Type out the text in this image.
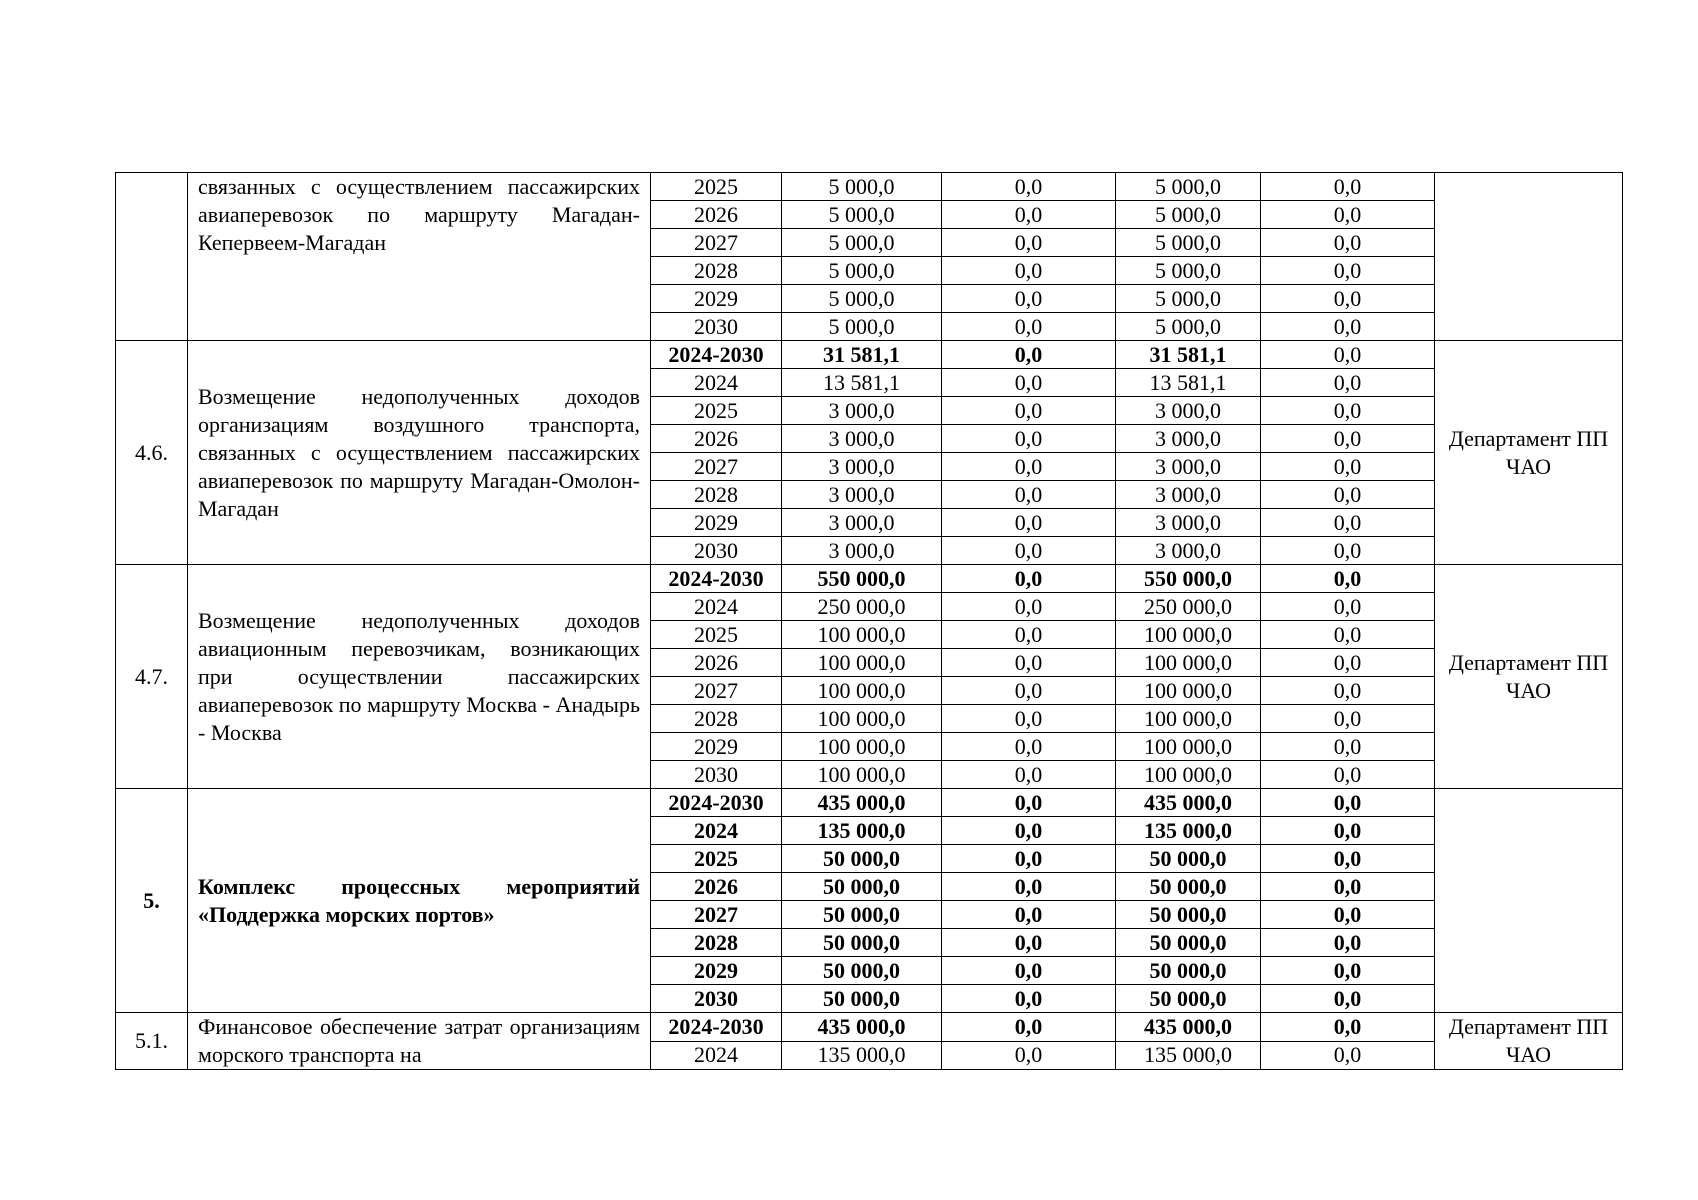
	связанных с осуществлением пассажирских авиаперевозок по маршруту Магадан-Кепервеем-Магадан	2025	5 000,0	0,0	5 000,0	0,0	
		2026	5 000,0	0,0	5 000,0	0,0	
		2027	5 000,0	0,0	5 000,0	0,0	
		2028	5 000,0	0,0	5 000,0	0,0	
		2029	5 000,0	0,0	5 000,0	0,0	
		2030	5 000,0	0,0	5 000,0	0,0	
4.6.	Возмещение недополученных доходов организациям воздушного транспорта, связанных с осуществлением пассажирских авиаперевозок по маршруту Магадан-Омолон-Магадан	2024-2030	31 581,1	0,0	31 581,1	0,0	Департамент ПП ЧАО
		2024	13 581,1	0,0	13 581,1	0,0	
		2025	3 000,0	0,0	3 000,0	0,0	
		2026	3 000,0	0,0	3 000,0	0,0	
		2027	3 000,0	0,0	3 000,0	0,0	
		2028	3 000,0	0,0	3 000,0	0,0	
		2029	3 000,0	0,0	3 000,0	0,0	
		2030	3 000,0	0,0	3 000,0	0,0	
4.7.	Возмещение недополученных доходов авиационным перевозчикам, возникающих при осуществлении пассажирских авиаперевозок по маршруту Москва - Анадырь - Москва	2024-2030	550 000,0	0,0	550 000,0	0,0	Департамент ПП ЧАО
		2024	250 000,0	0,0	250 000,0	0,0	
		2025	100 000,0	0,0	100 000,0	0,0	
		2026	100 000,0	0,0	100 000,0	0,0	
		2027	100 000,0	0,0	100 000,0	0,0	
		2028	100 000,0	0,0	100 000,0	0,0	
		2029	100 000,0	0,0	100 000,0	0,0	
		2030	100 000,0	0,0	100 000,0	0,0	
5.	Комплекс процессных мероприятий «Поддержка морских портов»	2024-2030	435 000,0	0,0	435 000,0	0,0	
		2024	135 000,0	0,0	135 000,0	0,0	
		2025	50 000,0	0,0	50 000,0	0,0	
		2026	50 000,0	0,0	50 000,0	0,0	
		2027	50 000,0	0,0	50 000,0	0,0	
		2028	50 000,0	0,0	50 000,0	0,0	
		2029	50 000,0	0,0	50 000,0	0,0	
		2030	50 000,0	0,0	50 000,0	0,0	
5.1.	Финансовое обеспечение затрат организациям морского транспорта на	2024-2030	435 000,0	0,0	435 000,0	0,0	Департамент ПП ЧАО
		2024	135 000,0	0,0	135 000,0	0,0	
